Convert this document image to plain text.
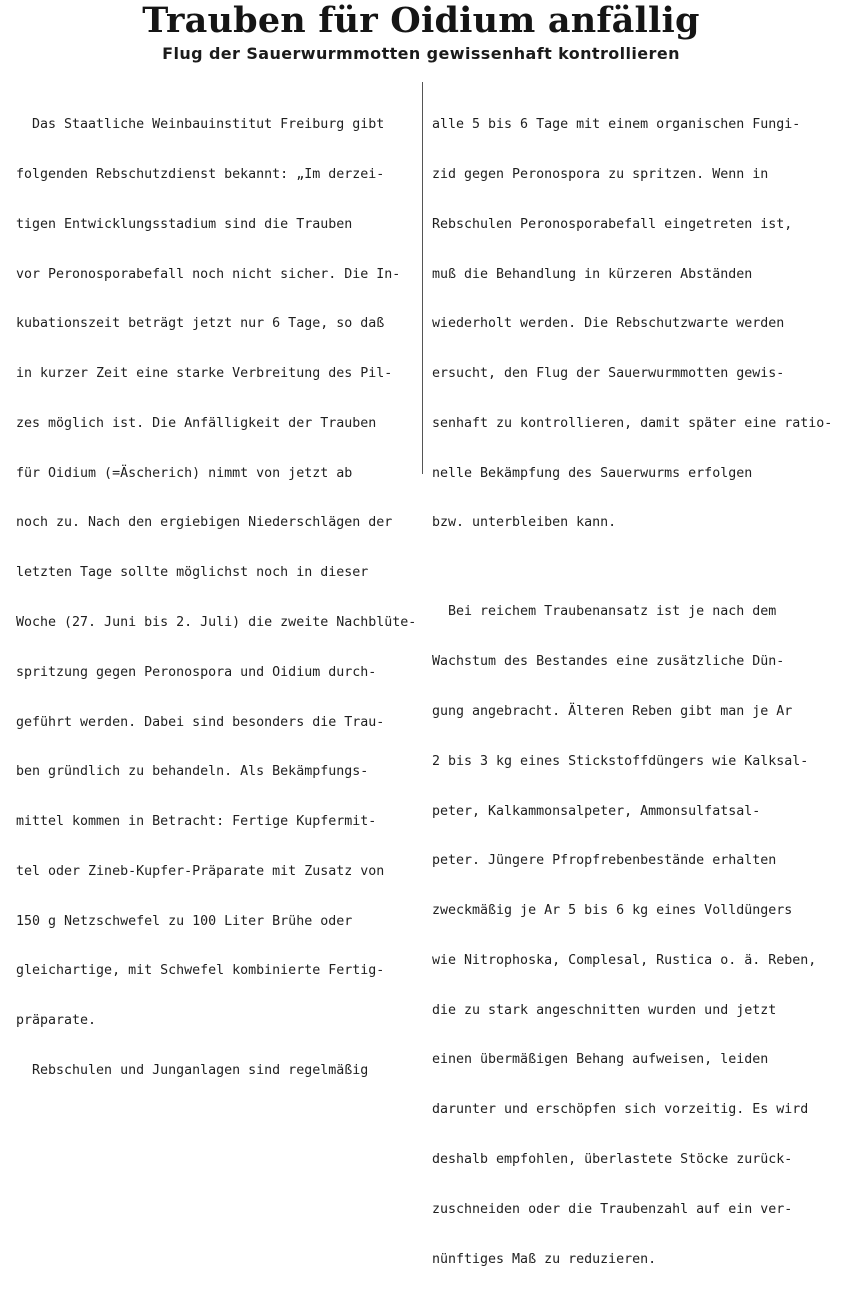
Trauben für Oidium anfällig
Flug der Sauerwurmmotten gewissenhaft kontrollieren

Das Staatliche Weinbauinstitut Freiburg gibt

folgenden Rebschutzdienst bekannt: „Im derzei-

tigen Entwicklungsstadium sind die Trauben

vor Peronosporabefall noch nicht sicher. Die In-

kubationszeit beträgt jetzt nur 6 Tage, so daß

in kurzer Zeit eine starke Verbreitung des Pil-

zes möglich ist. Die Anfälligkeit der Trauben

für Oidium (=Äscherich) nimmt von jetzt ab

noch zu. Nach den ergiebigen Niederschlägen der

letzten Tage sollte möglichst noch in dieser

Woche (27. Juni bis 2. Juli) die zweite Nachblüte-

spritzung gegen Peronospora und Oidium durch-

geführt werden. Dabei sind besonders die Trau-

ben gründlich zu behandeln. Als Bekämpfungs-

mittel kommen in Betracht: Fertige Kupfermit-

tel oder Zineb-Kupfer-Präparate mit Zusatz von

150 g Netzschwefel zu 100 Liter Brühe oder

gleichartige, mit Schwefel kombinierte Fertig-

präparate.

Rebschulen und Junganlagen sind regelmäßig

alle 5 bis 6 Tage mit einem organischen Fungi-

zid gegen Peronospora zu spritzen. Wenn in

Rebschulen Peronosporabefall eingetreten ist,

muß die Behandlung in kürzeren Abständen

wiederholt werden. Die Rebschutzwarte werden

ersucht, den Flug der Sauerwurmmotten gewis-

senhaft zu kontrollieren, damit später eine ratio-

nelle Bekämpfung des Sauerwurms erfolgen

bzw. unterbleiben kann.

Bei reichem Traubenansatz ist je nach dem

Wachstum des Bestandes eine zusätzliche Dün-

gung angebracht. Älteren Reben gibt man je Ar

2 bis 3 kg eines Stickstoffdüngers wie Kalksal-

peter, Kalkammonsalpeter, Ammonsulfatsal-

peter. Jüngere Pfropfrebenbestände erhalten

zweckmäßig je Ar 5 bis 6 kg eines Volldüngers

wie Nitrophoska, Complesal, Rustica o. ä. Reben,

die zu stark angeschnitten wurden und jetzt

einen übermäßigen Behang aufweisen, leiden

darunter und erschöpfen sich vorzeitig. Es wird

deshalb empfohlen, überlastete Stöcke zurück-

zuschneiden oder die Traubenzahl auf ein ver-

nünftiges Maß zu reduzieren.
